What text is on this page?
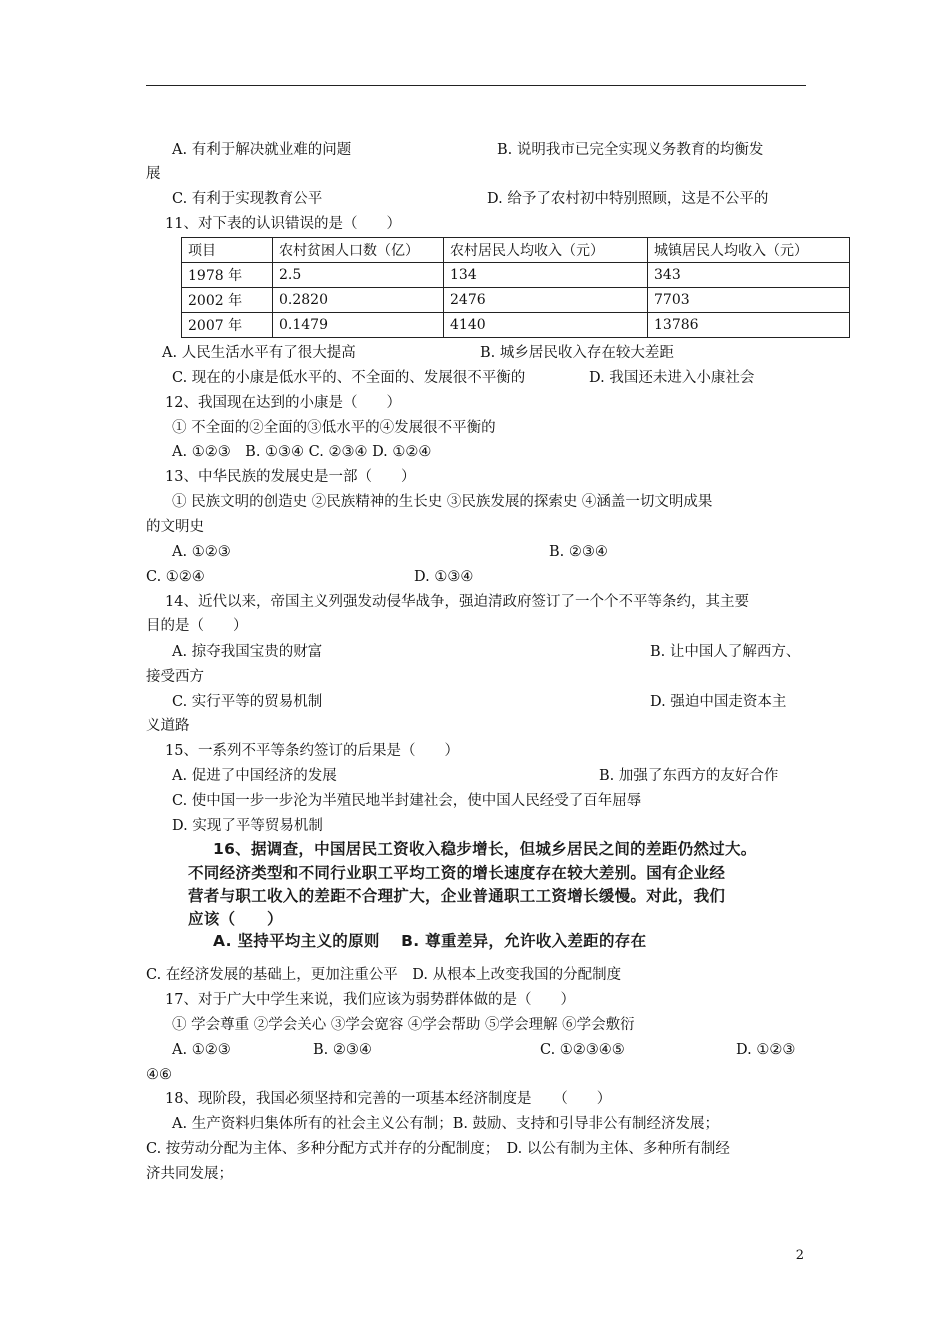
A. 有利于解决就业难的问题	B. 说明我市已完全实现义务教育的均衡发
展
C. 有利于实现教育公平	D. 给予了农村初中特别照顾，这是不公平的
11、对下表的认识错误的是（　　）
项目	农村贫困人口数（亿）	农村居民人均收入（元）	城镇居民人均收入（元）
1978 年	2.5	134	343
2002 年	0.2820	2476	7703
2007 年	0.1479	4140	13786
A. 人民生活水平有了很大提高	B. 城乡居民收入存在较大差距
C. 现在的小康是低水平的、不全面的、发展很不平衡的	D. 我国还未进入小康社会
12、我国现在达到的小康是（　　）
① 不全面的②全面的③低水平的④发展很不平衡的
A. ①②③　B. ①③④ C. ②③④ D. ①②④
13、中华民族的发展史是一部（　　）
① 民族文明的创造史 ②民族精神的生长史 ③民族发展的探索史 ④涵盖一切文明成果
的文明史
A. ①②③	B. ②③④
C. ①②④	D. ①③④
14、近代以来，帝国主义列强发动侵华战争，强迫清政府签订了一个个不平等条约，其主要
目的是（　　）
A. 掠夺我国宝贵的财富	B. 让中国人了解西方、
接受西方
C. 实行平等的贸易机制	D. 强迫中国走资本主
义道路
15、一系列不平等条约签订的后果是（　　）
A. 促进了中国经济的发展	B. 加强了东西方的友好合作
C. 使中国一步一步沦为半殖民地半封建社会，使中国人民经受了百年屈辱
D. 实现了平等贸易机制
16、据调查，中国居民工资收入稳步增长，但城乡居民之间的差距仍然过大。
不同经济类型和不同行业职工平均工资的增长速度存在较大差别。国有企业经
营者与职工收入的差距不合理扩大，企业普通职工工资增长缓慢。对此，我们
应该（　　）
A. 坚持平均主义的原则　 B. 尊重差异，允许收入差距的存在
C. 在经济发展的基础上，更加注重公平　D. 从根本上改变我国的分配制度
17、对于广大中学生来说，我们应该为弱势群体做的是（　　）
① 学会尊重 ②学会关心 ③学会宽容 ④学会帮助 ⑤学会理解 ⑥学会敷衍
A. ①②③	B. ②③④	C. ①②③④⑤	D. ①②③
④⑥
18、现阶段，我国必须坚持和完善的一项基本经济制度是　　（　　）
A. 生产资料归集体所有的社会主义公有制；B. 鼓励、支持和引导非公有制经济发展；
C. 按劳动分配为主体、多种分配方式并存的分配制度；　D. 以公有制为主体、多种所有制经
济共同发展；
2
